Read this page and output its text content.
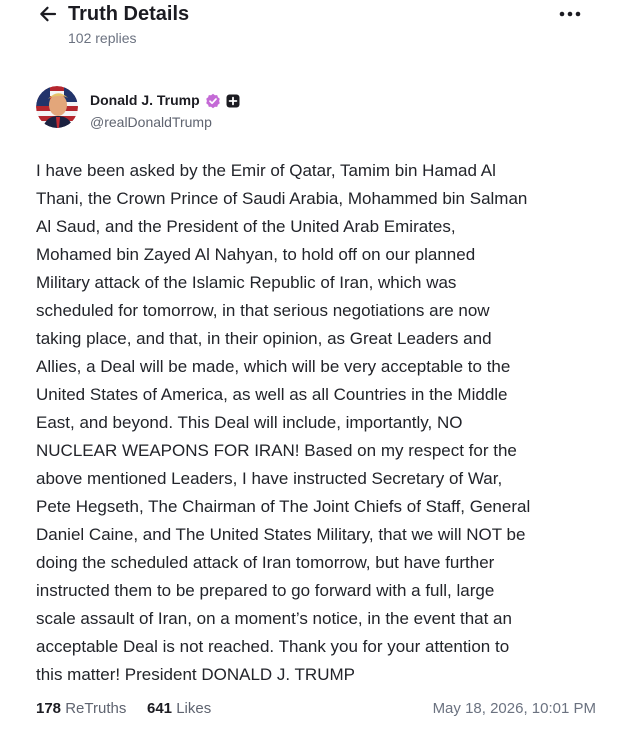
Truth Details
102 replies
Donald J. Trump
@realDonaldTrump
I have been asked by the Emir of Qatar, Tamim bin Hamad Al
Thani, the Crown Prince of Saudi Arabia, Mohammed bin Salman
Al Saud, and the President of the United Arab Emirates,
Mohamed bin Zayed Al Nahyan, to hold off on our planned
Military attack of the Islamic Republic of Iran, which was
scheduled for tomorrow, in that serious negotiations are now
taking place, and that, in their opinion, as Great Leaders and
Allies, a Deal will be made, which will be very acceptable to the
United States of America, as well as all Countries in the Middle
East, and beyond. This Deal will include, importantly, NO
NUCLEAR WEAPONS FOR IRAN! Based on my respect for the
above mentioned Leaders, I have instructed Secretary of War,
Pete Hegseth, The Chairman of The Joint Chiefs of Staff, General
Daniel Caine, and The United States Military, that we will NOT be
doing the scheduled attack of Iran tomorrow, but have further
instructed them to be prepared to go forward with a full, large
scale assault of Iran, on a moment’s notice, in the event that an
acceptable Deal is not reached. Thank you for your attention to
this matter! President DONALD J. TRUMP
178 ReTruths 641 Likes	May 18, 2026, 10:01 PM
